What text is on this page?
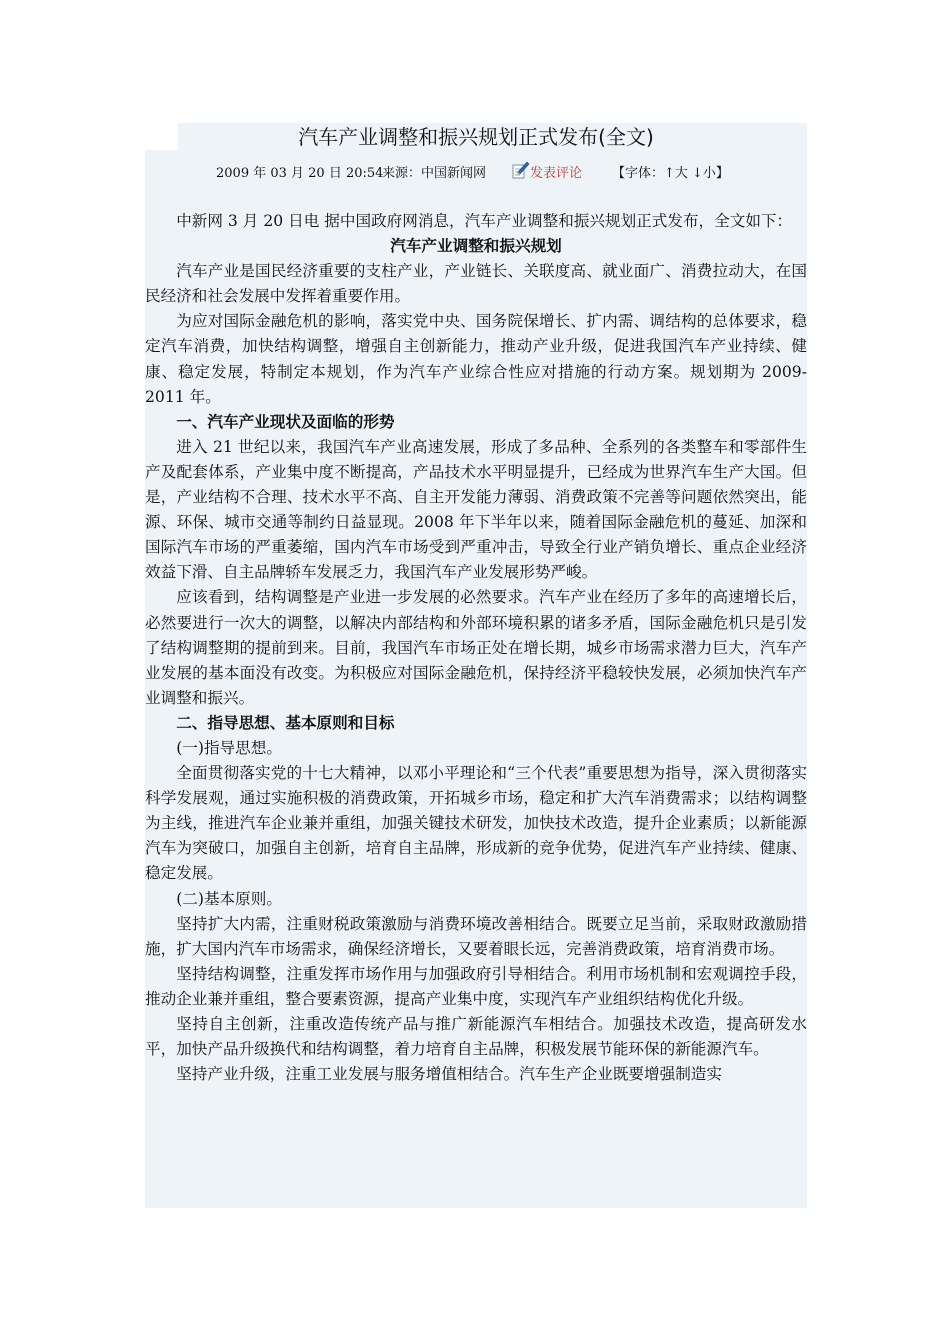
汽车产业调整和振兴规划正式发布(全文)
2009 年 03 月 20 日 20:54
来源：中国新闻网	发表评论 【字体：↑大 ↓小】

中新网 3 月 20 日电 据中国政府网消息，汽车产业调整和振兴规划正式发布，全文如下：

汽车产业调整和振兴规划

汽车产业是国民经济重要的支柱产业，产业链长、关联度高、就业面广、消费拉动大，在国民经济和社会发展中发挥着重要作用。

为应对国际金融危机的影响，落实党中央、国务院保增长、扩内需、调结构的总体要求，稳定汽车消费，加快结构调整，增强自主创新能力，推动产业升级，促进我国汽车产业持续、健康、稳定发展，特制定本规划，作为汽车产业综合性应对措施的行动方案。规划期为 2009-2011 年。

一、汽车产业现状及面临的形势

进入 21 世纪以来，我国汽车产业高速发展，形成了多品种、全系列的各类整车和零部件生产及配套体系，产业集中度不断提高，产品技术水平明显提升，已经成为世界汽车生产大国。但是，产业结构不合理、技术水平不高、自主开发能力薄弱、消费政策不完善等问题依然突出，能源、环保、城市交通等制约日益显现。2008 年下半年以来，随着国际金融危机的蔓延、加深和国际汽车市场的严重萎缩，国内汽车市场受到严重冲击，导致全行业产销负增长、重点企业经济效益下滑、自主品牌轿车发展乏力，我国汽车产业发展形势严峻。

应该看到，结构调整是产业进一步发展的必然要求。汽车产业在经历了多年的高速增长后，必然要进行一次大的调整，以解决内部结构和外部环境积累的诸多矛盾，国际金融危机只是引发了结构调整期的提前到来。目前，我国汽车市场正处在增长期，城乡市场需求潜力巨大，汽车产业发展的基本面没有改变。为积极应对国际金融危机，保持经济平稳较快发展，必须加快汽车产业调整和振兴。

二、指导思想、基本原则和目标

(一)指导思想。

全面贯彻落实党的十七大精神，以邓小平理论和“三个代表”重要思想为指导，深入贯彻落实科学发展观，通过实施积极的消费政策，开拓城乡市场，稳定和扩大汽车消费需求；以结构调整为主线，推进汽车企业兼并重组，加强关键技术研发，加快技术改造，提升企业素质；以新能源汽车为突破口，加强自主创新，培育自主品牌，形成新的竞争优势，促进汽车产业持续、健康、稳定发展。

(二)基本原则。

坚持扩大内需，注重财税政策激励与消费环境改善相结合。既要立足当前，采取财政激励措施，扩大国内汽车市场需求，确保经济增长，又要着眼长远，完善消费政策，培育消费市场。

坚持结构调整，注重发挥市场作用与加强政府引导相结合。利用市场机制和宏观调控手段，推动企业兼并重组，整合要素资源，提高产业集中度，实现汽车产业组织结构优化升级。

坚持自主创新，注重改造传统产品与推广新能源汽车相结合。加强技术改造，提高研发水平，加快产品升级换代和结构调整，着力培育自主品牌，积极发展节能环保的新能源汽车。

坚持产业升级，注重工业发展与服务增值相结合。汽车生产企业既要增强制造实
